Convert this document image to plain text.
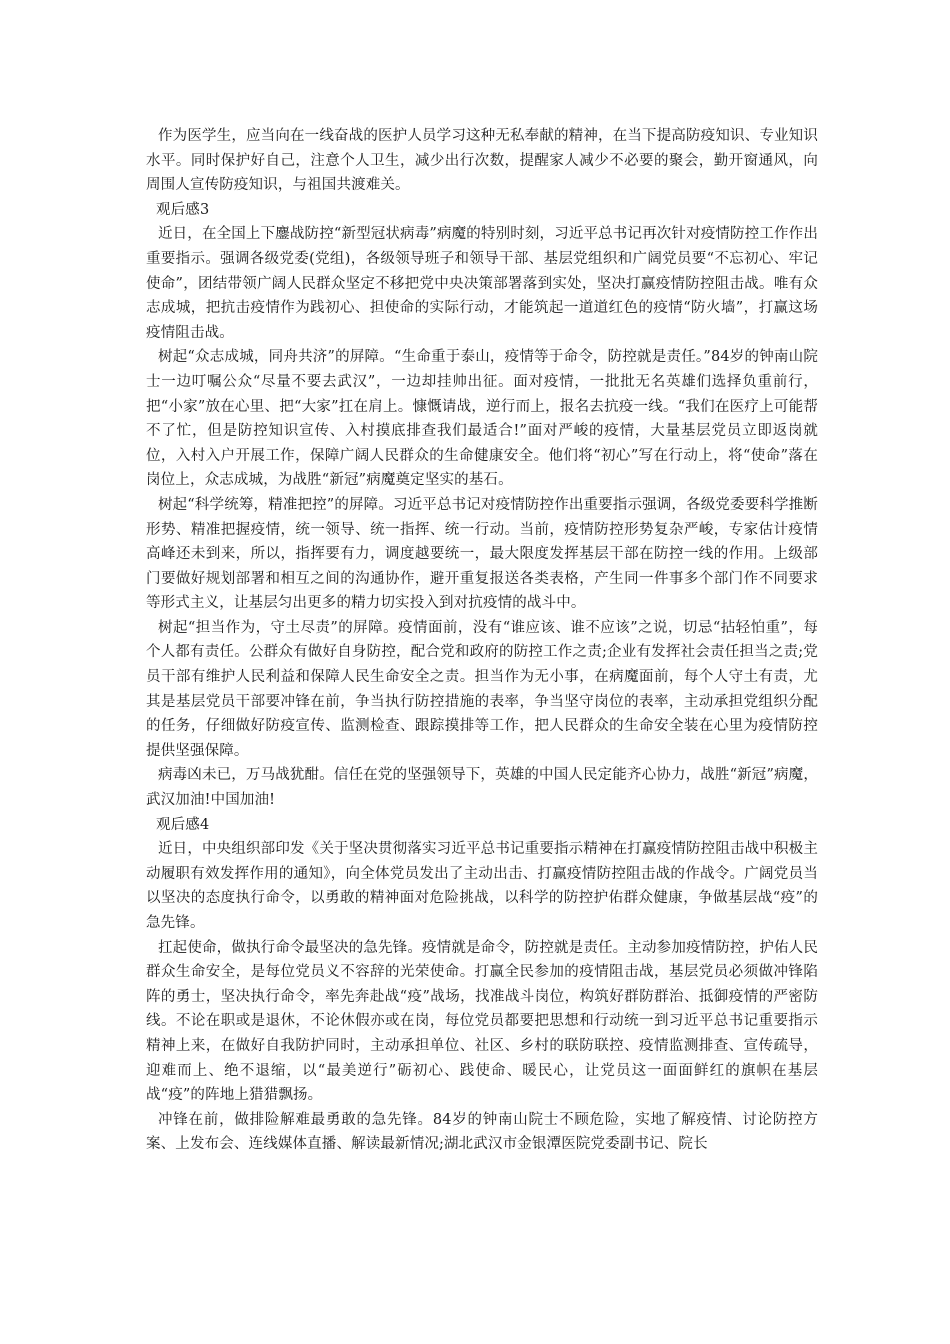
作为医学生，应当向在一线奋战的医护人员学习这种无私奉献的精神，在当下提高防疫知识、专业知识水平。同时保护好自己，注意个人卫生，减少出行次数，提醒家人减少不必要的聚会，勤开窗通风，向周围人宣传防疫知识，与祖国共渡难关。

观后感3

近日，在全国上下鏖战防控“新型冠状病毒”病魔的特别时刻，习近平总书记再次针对疫情防控工作作出重要指示。强调各级党委(党组)，各级领导班子和领导干部、基层党组织和广阔党员要“不忘初心、牢记使命”，团结带领广阔人民群众坚定不移把党中央决策部署落到实处，坚决打赢疫情防控阻击战。唯有众志成城，把抗击疫情作为践初心、担使命的实际行动，才能筑起一道道红色的疫情“防火墙”，打赢这场疫情阻击战。

树起“众志成城，同舟共济”的屏障。“生命重于泰山，疫情等于命令，防控就是责任。”84岁的钟南山院士一边叮嘱公众“尽量不要去武汉”，一边却挂帅出征。面对疫情，一批批无名英雄们选择负重前行，把“小家”放在心里、把“大家”扛在肩上。慷慨请战，逆行而上，报名去抗疫一线。“我们在医疗上可能帮不了忙，但是防控知识宣传、入村摸底排查我们最适合!”面对严峻的疫情，大量基层党员立即返岗就位，入村入户开展工作，保障广阔人民群众的生命健康安全。他们将“初心”写在行动上，将“使命”落在岗位上，众志成城，为战胜“新冠”病魔奠定坚实的基石。

树起“科学统筹，精准把控”的屏障。习近平总书记对疫情防控作出重要指示强调，各级党委要科学推断形势、精准把握疫情，统一领导、统一指挥、统一行动。当前，疫情防控形势复杂严峻，专家估计疫情高峰还未到来，所以，指挥要有力，调度越要统一，最大限度发挥基层干部在防控一线的作用。上级部门要做好规划部署和相互之间的沟通协作，避开重复报送各类表格，产生同一件事多个部门作不同要求等形式主义，让基层匀出更多的精力切实投入到对抗疫情的战斗中。

树起“担当作为，守土尽责”的屏障。疫情面前，没有“谁应该、谁不应该”之说，切忌“拈轻怕重”，每个人都有责任。公群众有做好自身防控，配合党和政府的防控工作之责;企业有发挥社会责任担当之责;党员干部有维护人民利益和保障人民生命安全之责。担当作为无小事，在病魔面前，每个人守土有责，尤其是基层党员干部要冲锋在前，争当执行防控措施的表率，争当坚守岗位的表率，主动承担党组织分配的任务，仔细做好防疫宣传、监测检查、跟踪摸排等工作，把人民群众的生命安全装在心里为疫情防控提供坚强保障。

病毒凶未已，万马战犹酣。信任在党的坚强领导下，英雄的中国人民定能齐心协力，战胜“新冠”病魔，武汉加油!中国加油!

观后感4

近日，中央组织部印发《关于坚决贯彻落实习近平总书记重要指示精神在打赢疫情防控阻击战中积极主动履职有效发挥作用的通知》，向全体党员发出了主动出击、打赢疫情防控阻击战的作战令。广阔党员当以坚决的态度执行命令，以勇敢的精神面对危险挑战，以科学的防控护佑群众健康，争做基层战“疫”的急先锋。

扛起使命，做执行命令最坚决的急先锋。疫情就是命令，防控就是责任。主动参加疫情防控，护佑人民群众生命安全，是每位党员义不容辞的光荣使命。打赢全民参加的疫情阻击战，基层党员必须做冲锋陷阵的勇士，坚决执行命令，率先奔赴战“疫”战场，找准战斗岗位，构筑好群防群治、抵御疫情的严密防线。不论在职或是退休，不论休假亦或在岗，每位党员都要把思想和行动统一到习近平总书记重要指示精神上来，在做好自我防护同时，主动承担单位、社区、乡村的联防联控、疫情监测排查、宣传疏导，迎难而上、绝不退缩，以“最美逆行”砺初心、践使命、暖民心，让党员这一面面鲜红的旗帜在基层战“疫”的阵地上猎猎飘扬。

冲锋在前，做排险解难最勇敢的急先锋。84岁的钟南山院士不顾危险，实地了解疫情、讨论防控方案、上发布会、连线媒体直播、解读最新情况;湖北武汉市金银潭医院党委副书记、院长
